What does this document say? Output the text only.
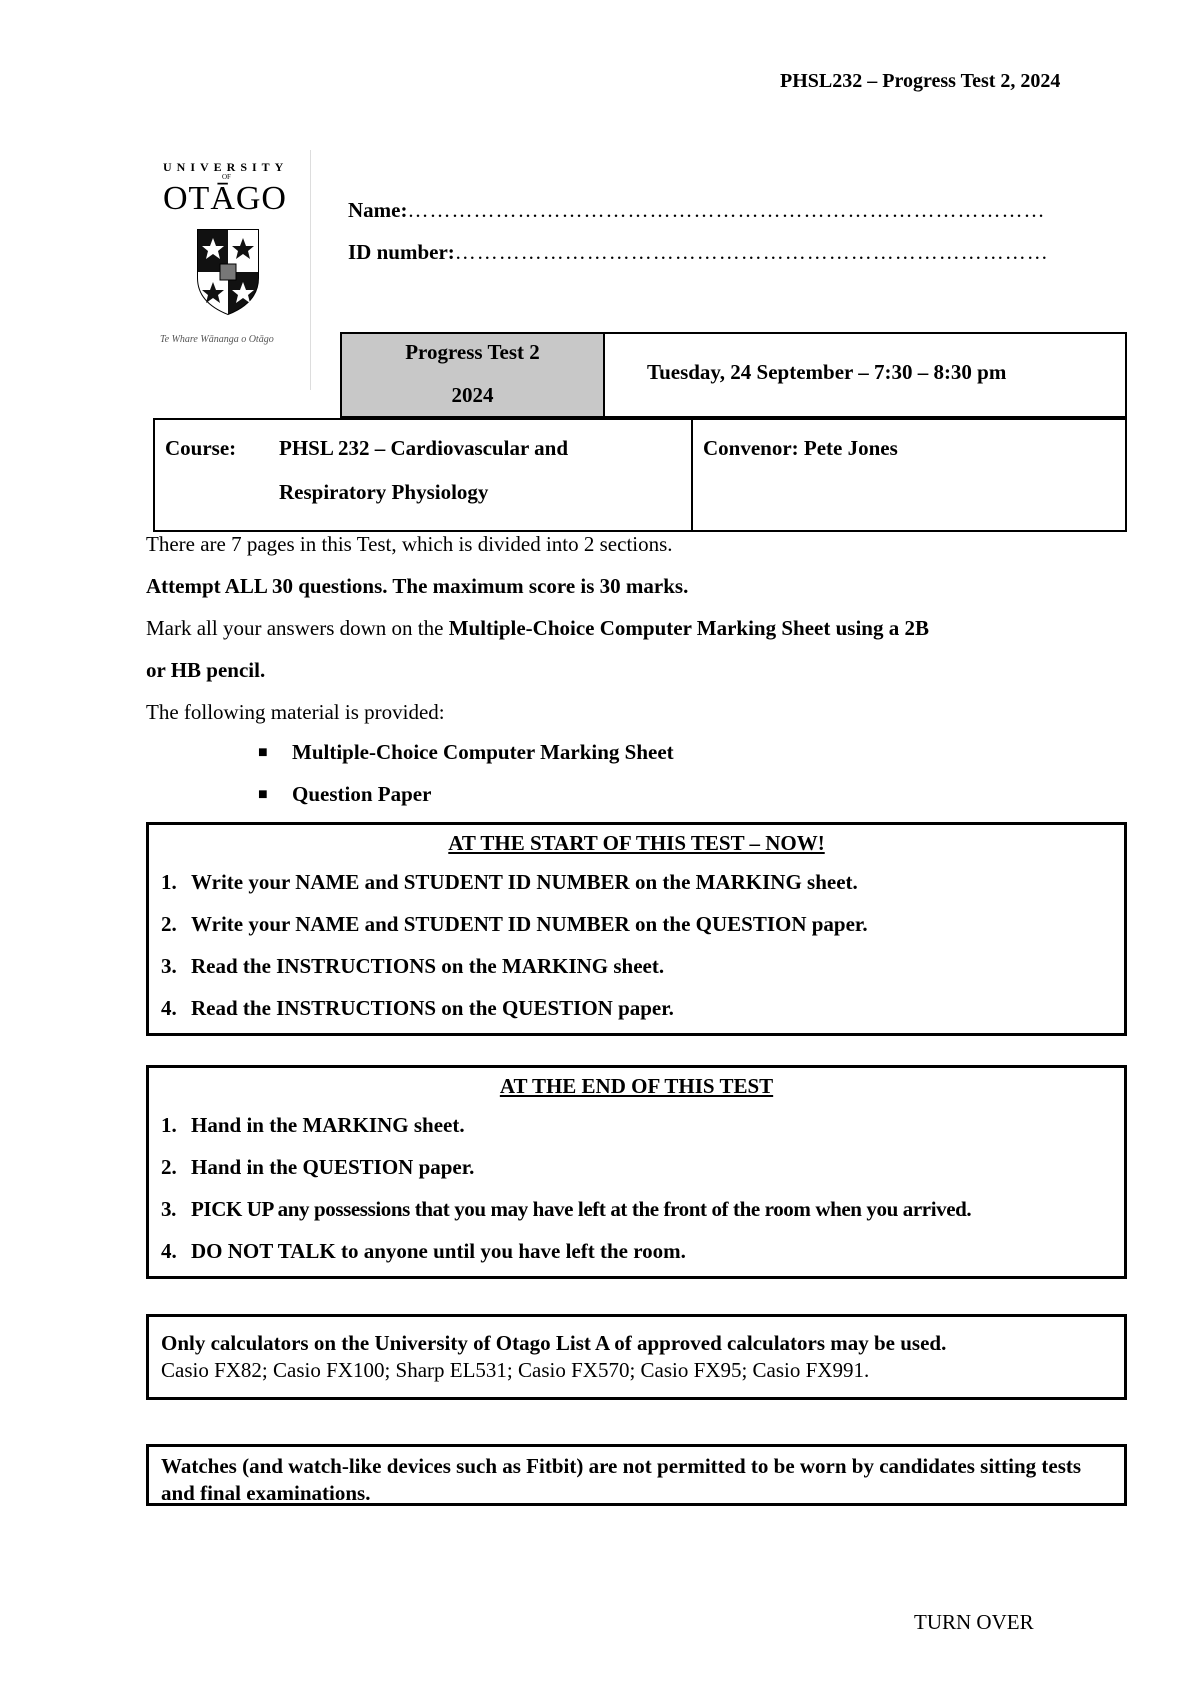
PHSL232 – Progress Test 2, 2024
UNIVERSITY
OF
OTĀGO
Te Whare Wānanga o Otāgo
Name:……………………………………………………………………………
ID number:………………………………………………………………………
Progress Test 2
2024
Tuesday, 24 September – 7:30 – 8:30 pm
Course: PHSL 232 – Cardiovascular and
Respiratory Physiology
Convenor: Pete Jones
There are 7 pages in this Test, which is divided into 2 sections.
Attempt ALL 30 questions. The maximum score is 30 marks.
Mark all your answers down on the Multiple-Choice Computer Marking Sheet using a 2B
or HB pencil.
The following material is provided:
■ Multiple-Choice Computer Marking Sheet
■ Question Paper
AT THE START OF THIS TEST – NOW!
1. Write your NAME and STUDENT ID NUMBER on the MARKING sheet.
2. Write your NAME and STUDENT ID NUMBER on the QUESTION paper.
3. Read the INSTRUCTIONS on the MARKING sheet.
4. Read the INSTRUCTIONS on the QUESTION paper.
AT THE END OF THIS TEST
1. Hand in the MARKING sheet.
2. Hand in the QUESTION paper.
3. PICK UP any possessions that you may have left at the front of the room when you arrived.
4. DO NOT TALK to anyone until you have left the room.
Only calculators on the University of Otago List A of approved calculators may be used.
Casio FX82; Casio FX100; Sharp EL531; Casio FX570; Casio FX95; Casio FX991.
Watches (and watch-like devices such as Fitbit) are not permitted to be worn by candidates sitting tests and final examinations.
TURN OVER
